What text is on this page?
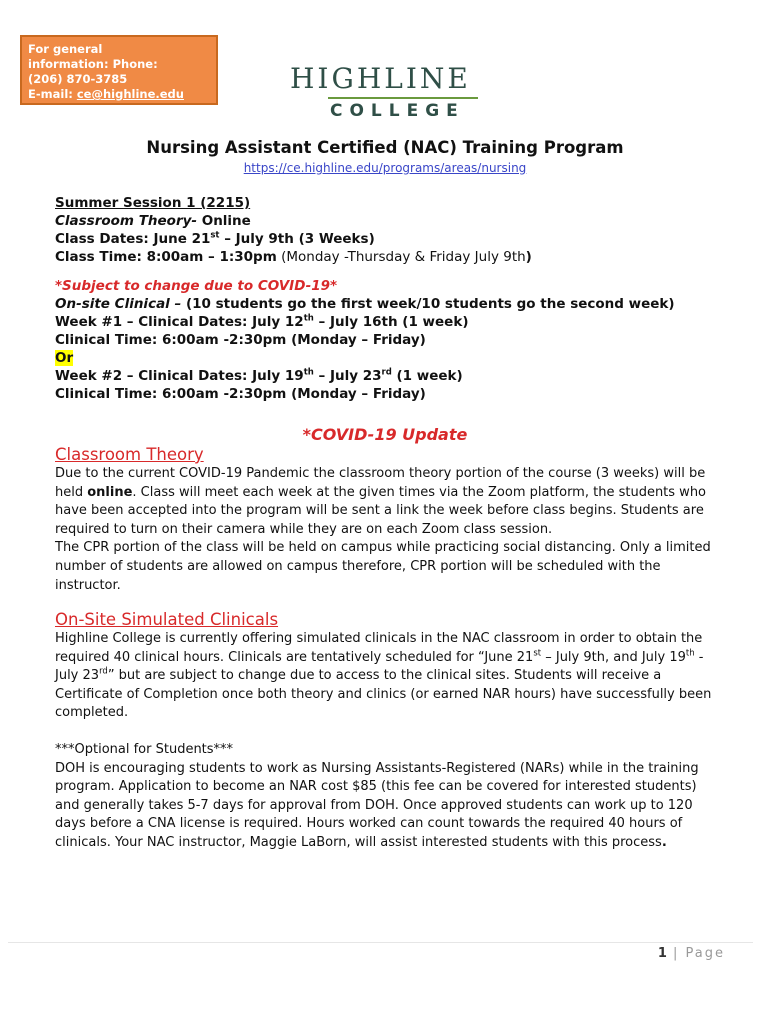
For general
information: Phone:
(206) 870-3785
E-mail: ce@highline.edu	HIGHLINE
COLLEGE
Nursing Assistant Certified (NAC) Training Program
https://ce.highline.edu/programs/areas/nursing
Summer Session 1 (2215)
Classroom Theory- Online
Class Dates: June 21st – July 9th (3 Weeks)
Class Time: 8:00am – 1:30pm (Monday -Thursday & Friday July 9th)
*Subject to change due to COVID-19*
On-site Clinical – (10 students go the first week/10 students go the second week)
Week #1 – Clinical Dates: July 12th – July 16th (1 week)
Clinical Time: 6:00am -2:30pm (Monday – Friday)
Or
Week #2 – Clinical Dates: July 19th – July 23rd (1 week)
Clinical Time: 6:00am -2:30pm (Monday – Friday)
*COVID-19 Update
Classroom Theory
Due to the current COVID-19 Pandemic the classroom theory portion of the course (3 weeks) will be held online. Class will meet each week at the given times via the Zoom platform, the students who have been accepted into the program will be sent a link the week before class begins. Students are required to turn on their camera while they are on each Zoom class session.
The CPR portion of the class will be held on campus while practicing social distancing. Only a limited number of students are allowed on campus therefore, CPR portion will be scheduled with the instructor.
On-Site Simulated Clinicals
Highline College is currently offering simulated clinicals in the NAC classroom in order to obtain the required 40 clinical hours. Clinicals are tentatively scheduled for “June 21st – July 9th, and July 19th - July 23rd” but are subject to change due to access to the clinical sites. Students will receive a Certificate of Completion once both theory and clinics (or earned NAR hours) have successfully been completed.
***Optional for Students***
DOH is encouraging students to work as Nursing Assistants-Registered (NARs) while in the training program. Application to become an NAR cost $85 (this fee can be covered for interested students) and generally takes 5-7 days for approval from DOH. Once approved students can work up to 120 days before a CNA license is required. Hours worked can count towards the required 40 hours of
clinicals. Your NAC instructor, Maggie LaBorn, will assist interested students with this process.
1 | Page
